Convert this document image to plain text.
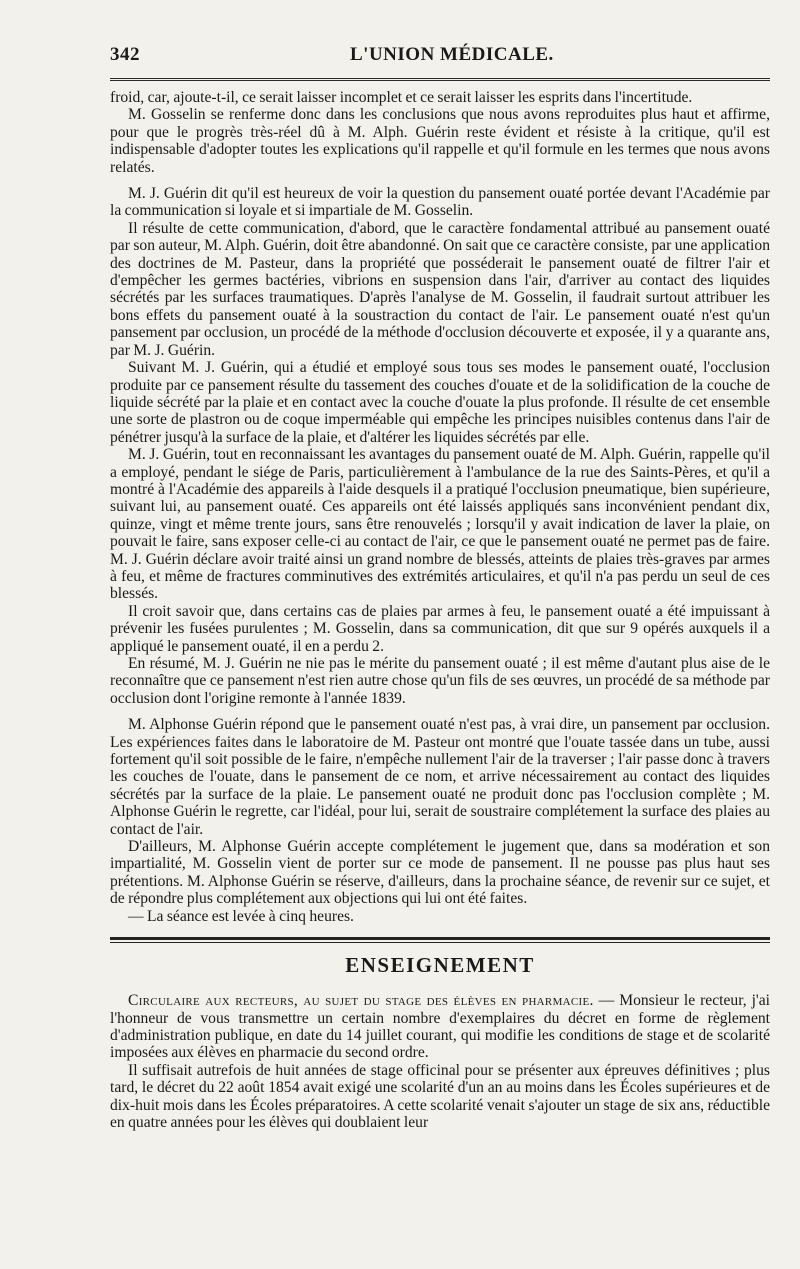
342	L'UNION MÉDICALE.

froid, car, ajoute-t-il, ce serait laisser incomplet et ce serait laisser les esprits dans l'incertitude.

M. Gosselin se renferme donc dans les conclusions que nous avons reproduites plus haut et affirme, pour que le progrès très-réel dû à M. Alph. Guérin reste évident et résiste à la critique, qu'il est indispensable d'adopter toutes les explications qu'il rappelle et qu'il formule en les termes que nous avons relatés.

M. J. Guérin dit qu'il est heureux de voir la question du pansement ouaté portée devant l'Académie par la communication si loyale et si impartiale de M. Gosselin.

Il résulte de cette communication, d'abord, que le caractère fondamental attribué au pansement ouaté par son auteur, M. Alph. Guérin, doit être abandonné. On sait que ce caractère consiste, par une application des doctrines de M. Pasteur, dans la propriété que posséderait le pansement ouaté de filtrer l'air et d'empêcher les germes bactéries, vibrions en suspension dans l'air, d'arriver au contact des liquides sécrétés par les surfaces traumatiques. D'après l'analyse de M. Gosselin, il faudrait surtout attribuer les bons effets du pansement ouaté à la soustraction du contact de l'air. Le pansement ouaté n'est qu'un pansement par occlusion, un procédé de la méthode d'occlusion découverte et exposée, il y a quarante ans, par M. J. Guérin.

Suivant M. J. Guérin, qui a étudié et employé sous tous ses modes le pansement ouaté, l'occlusion produite par ce pansement résulte du tassement des couches d'ouate et de la solidification de la couche de liquide sécrété par la plaie et en contact avec la couche d'ouate la plus profonde. Il résulte de cet ensemble une sorte de plastron ou de coque imperméable qui empêche les principes nuisibles contenus dans l'air de pénétrer jusqu'à la surface de la plaie, et d'altérer les liquides sécrétés par elle.

M. J. Guérin, tout en reconnaissant les avantages du pansement ouaté de M. Alph. Guérin, rappelle qu'il a employé, pendant le siége de Paris, particulièrement à l'ambulance de la rue des Saints-Pères, et qu'il a montré à l'Académie des appareils à l'aide desquels il a pratiqué l'occlusion pneumatique, bien supérieure, suivant lui, au pansement ouaté. Ces appareils ont été laissés appliqués sans inconvénient pendant dix, quinze, vingt et même trente jours, sans être renouvelés ; lorsqu'il y avait indication de laver la plaie, on pouvait le faire, sans exposer celle-ci au contact de l'air, ce que le pansement ouaté ne permet pas de faire. M. J. Guérin déclare avoir traité ainsi un grand nombre de blessés, atteints de plaies très-graves par armes à feu, et même de fractures comminutives des extrémités articulaires, et qu'il n'a pas perdu un seul de ces blessés.

Il croit savoir que, dans certains cas de plaies par armes à feu, le pansement ouaté a été impuissant à prévenir les fusées purulentes ; M. Gosselin, dans sa communication, dit que sur 9 opérés auxquels il a appliqué le pansement ouaté, il en a perdu 2.

En résumé, M. J. Guérin ne nie pas le mérite du pansement ouaté ; il est même d'autant plus aise de le reconnaître que ce pansement n'est rien autre chose qu'un fils de ses œuvres, un procédé de sa méthode par occlusion dont l'origine remonte à l'année 1839.

M. Alphonse Guérin répond que le pansement ouaté n'est pas, à vrai dire, un pansement par occlusion. Les expériences faites dans le laboratoire de M. Pasteur ont montré que l'ouate tassée dans un tube, aussi fortement qu'il soit possible de le faire, n'empêche nullement l'air de la traverser ; l'air passe donc à travers les couches de l'ouate, dans le pansement de ce nom, et arrive nécessairement au contact des liquides sécrétés par la surface de la plaie. Le pansement ouaté ne produit donc pas l'occlusion complète ; M. Alphonse Guérin le regrette, car l'idéal, pour lui, serait de soustraire complétement la surface des plaies au contact de l'air.

D'ailleurs, M. Alphonse Guérin accepte complétement le jugement que, dans sa modération et son impartialité, M. Gosselin vient de porter sur ce mode de pansement. Il ne pousse pas plus haut ses prétentions. M. Alphonse Guérin se réserve, d'ailleurs, dans la prochaine séance, de revenir sur ce sujet, et de répondre plus complétement aux objections qui lui ont été faites.

— La séance est levée à cinq heures.

ENSEIGNEMENT

Circulaire aux recteurs, au sujet du stage des élèves en pharmacie. — Monsieur le recteur, j'ai l'honneur de vous transmettre un certain nombre d'exemplaires du décret en forme de règlement d'administration publique, en date du 14 juillet courant, qui modifie les conditions de stage et de scolarité imposées aux élèves en pharmacie du second ordre.

Il suffisait autrefois de huit années de stage officinal pour se présenter aux épreuves définitives ; plus tard, le décret du 22 août 1854 avait exigé une scolarité d'un an au moins dans les Écoles supérieures et de dix-huit mois dans les Écoles préparatoires. A cette scolarité venait s'ajouter un stage de six ans, réductible en quatre années pour les élèves qui doublaient leur
